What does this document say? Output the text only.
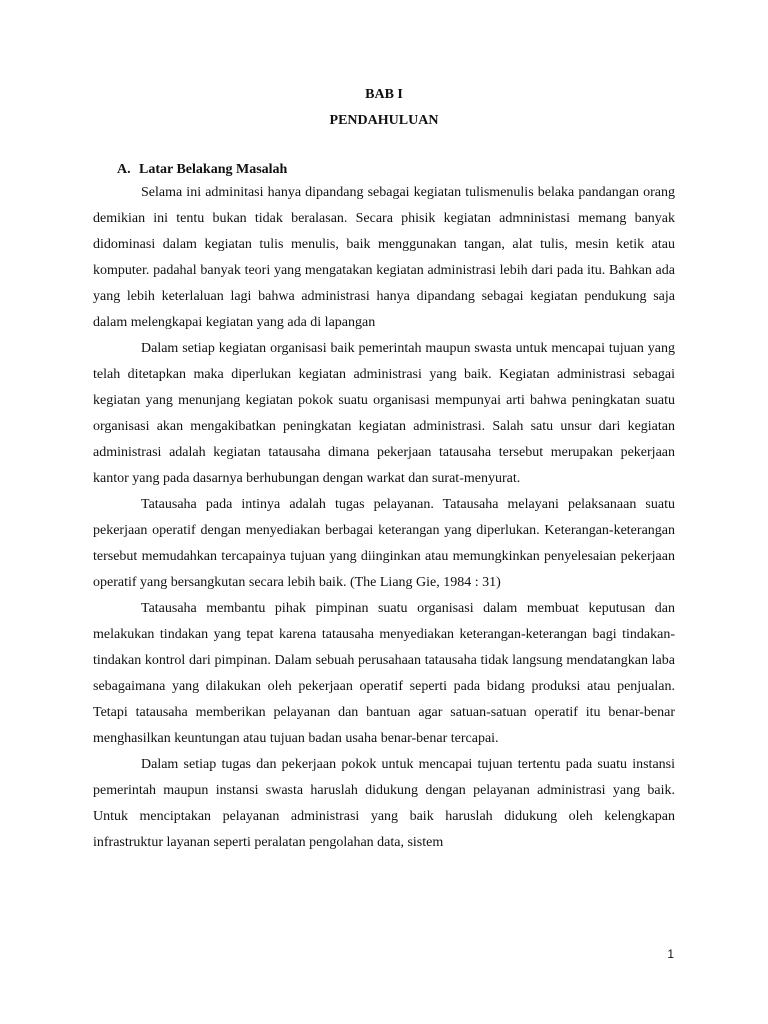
BAB I

PENDAHULUAN

A. Latar Belakang Masalah

Selama ini adminitasi hanya dipandang sebagai kegiatan tulismenulis belaka pandangan orang demikian ini tentu bukan tidak beralasan. Secara phisik kegiatan admninistasi memang banyak didominasi dalam kegiatan tulis menulis, baik menggunakan tangan, alat tulis, mesin ketik atau komputer. padahal banyak teori yang mengatakan kegiatan administrasi lebih dari pada itu. Bahkan ada yang lebih keterlaluan lagi bahwa administrasi hanya dipandang sebagai kegiatan pendukung saja dalam melengkapai kegiatan yang ada di lapangan

Dalam setiap kegiatan organisasi baik pemerintah maupun swasta untuk mencapai tujuan yang telah ditetapkan maka diperlukan kegiatan administrasi yang baik. Kegiatan administrasi sebagai kegiatan yang menunjang kegiatan pokok suatu organisasi mempunyai arti bahwa peningkatan suatu organisasi akan mengakibatkan peningkatan kegiatan administrasi. Salah satu unsur dari kegiatan administrasi adalah kegiatan tatausaha dimana pekerjaan tatausaha tersebut merupakan pekerjaan kantor yang pada dasarnya berhubungan dengan warkat dan surat-menyurat.

Tatausaha pada intinya adalah tugas pelayanan. Tatausaha melayani pelaksanaan suatu pekerjaan operatif dengan menyediakan berbagai keterangan yang diperlukan. Keterangan-keterangan tersebut memudahkan tercapainya tujuan yang diinginkan atau memungkinkan penyelesaian pekerjaan operatif yang bersangkutan secara lebih baik. (The Liang Gie, 1984 : 31)

Tatausaha membantu pihak pimpinan suatu organisasi dalam membuat keputusan dan melakukan tindakan yang tepat karena tatausaha menyediakan keterangan-keterangan bagi tindakan-tindakan kontrol dari pimpinan. Dalam sebuah perusahaan tatausaha tidak langsung mendatangkan laba sebagaimana yang dilakukan oleh pekerjaan operatif seperti pada bidang produksi atau penjualan. Tetapi tatausaha memberikan pelayanan dan bantuan agar satuan-satuan operatif itu benar-benar menghasilkan keuntungan atau tujuan badan usaha benar-benar tercapai.

Dalam setiap tugas dan pekerjaan pokok untuk mencapai tujuan tertentu pada suatu instansi pemerintah maupun instansi swasta haruslah didukung dengan pelayanan administrasi yang baik. Untuk menciptakan pelayanan administrasi yang baik haruslah didukung oleh kelengkapan infrastruktur layanan seperti peralatan pengolahan data, sistem

1
